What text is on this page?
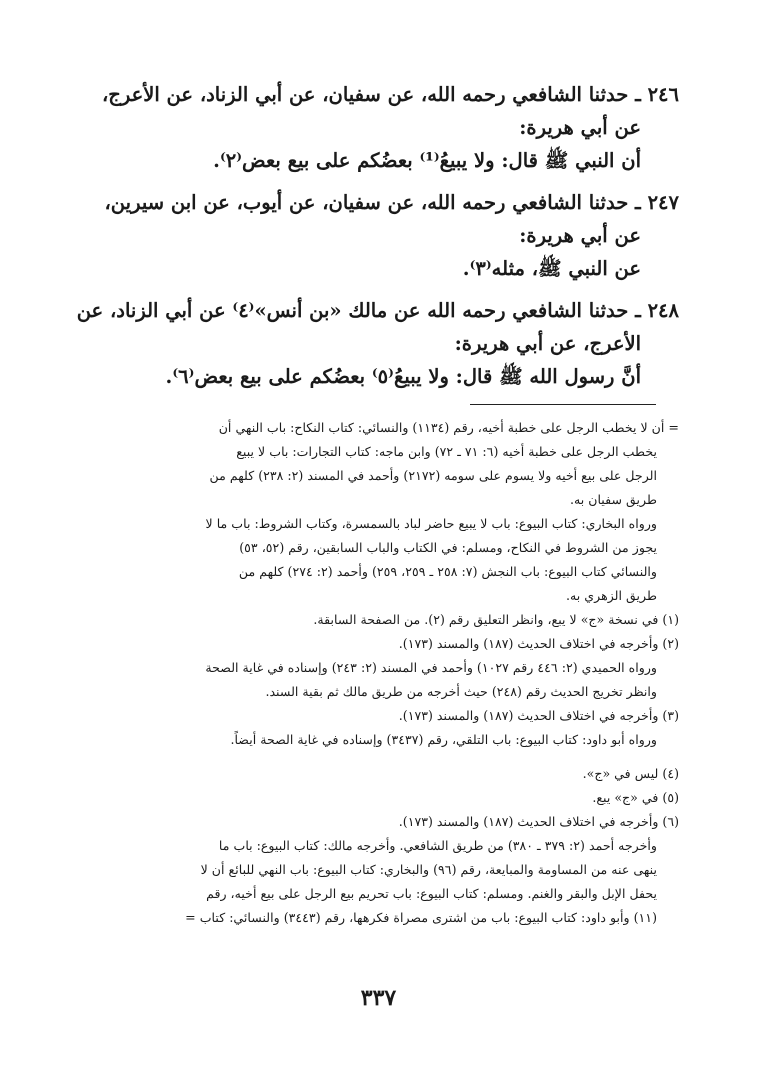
٢٤٦ ـ حدثنا الشافعي رحمه الله، عن سفيان، عن أبي الزناد، عن الأعرج،
عن أبي هريرة:
أن النبي ﷺ قال: ولا يبيعُ⁽¹⁾ بعضُكم على بيع بعض⁽٢⁾.
٢٤٧ ـ حدثنا الشافعي رحمه الله، عن سفيان، عن أيوب، عن ابن سيرين،
عن أبي هريرة:
عن النبي ﷺ، مثله⁽٣⁾.
٢٤٨ ـ حدثنا الشافعي رحمه الله عن مالك «بن أنس»⁽٤⁾ عن أبي الزناد، عن
الأعرج، عن أبي هريرة:
أنَّ رسول الله ﷺ قال: ولا يبيعُ⁽٥⁾ بعضُكم على بيع بعض⁽٦⁾.
= أن لا يخطب الرجل على خطبة أخيه، رقم (١١٣٤) والنسائي: كتاب النكاح: باب النهي أن
يخطب الرجل على خطبة أخيه (٦: ٧١ ـ ٧٢) وابن ماجه: كتاب التجارات: باب لا يبيع
الرجل على بيع أخيه ولا يسوم على سومه (٢١٧٢) وأحمد في المسند (٢: ٢٣٨) كلهم من
طريق سفيان به.
ورواه البخاري: كتاب البيوع: باب لا يبيع حاضر لباد بالسمسرة، وكتاب الشروط: باب ما لا
يجوز من الشروط في النكاح، ومسلم: في الكتاب والباب السابقين، رقم (٥٢، ٥٣)
والنسائي كتاب البيوع: باب النجش (٧: ٢٥٨ ـ ٢٥٩، ٢٥٩) وأحمد (٢: ٢٧٤) كلهم من
طريق الزهري به.
(١) في نسخة «ج» لا يبع، وانظر التعليق رقم (٢). من الصفحة السابقة.
(٢) وأخرجه في اختلاف الحديث (١٨٧) والمسند (١٧٣).
ورواه الحميدي (٢: ٤٤٦ رقم ١٠٢٧) وأحمد في المسند (٢: ٢٤٣) وإسناده في غاية الصحة
وانظر تخريج الحديث رقم (٢٤٨) حيث أخرجه من طريق مالك ثم بقية السند.
(٣) وأخرجه في اختلاف الحديث (١٨٧) والمسند (١٧٣).
ورواه أبو داود: كتاب البيوع: باب التلقي، رقم (٣٤٣٧) وإسناده في غاية الصحة أيضاً.
(٤) ليس في «ج».
(٥) في «ج» يبع.
(٦) وأخرجه في اختلاف الحديث (١٨٧) والمسند (١٧٣).
وأخرجه أحمد (٢: ٣٧٩ ـ ٣٨٠) من طريق الشافعي. وأخرجه مالك: كتاب البيوع: باب ما
ينهى عنه من المساومة والمبايعة، رقم (٩٦) والبخاري: كتاب البيوع: باب النهي للبائع أن لا
يحفل الإبل والبقر والغنم. ومسلم: كتاب البيوع: باب تحريم بيع الرجل على بيع أخيه، رقم
(١١) وأبو داود: كتاب البيوع: باب من اشترى مصراة فكرهها، رقم (٣٤٤٣) والنسائي: كتاب =
٣٣٧
